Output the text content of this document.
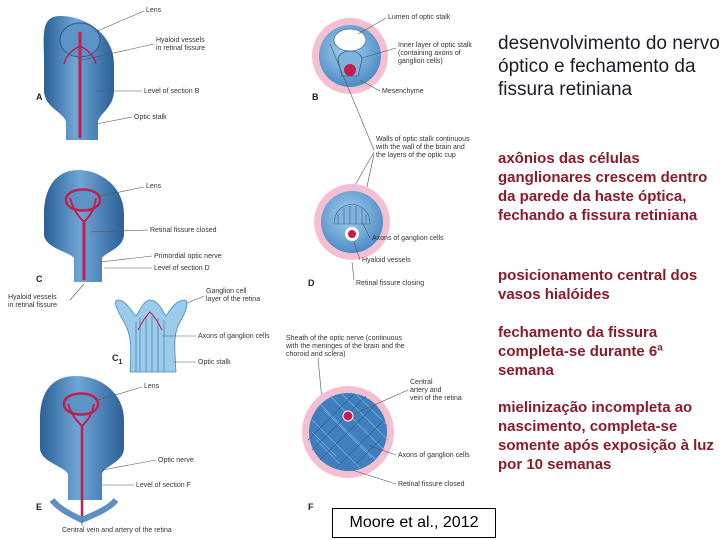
A
Lens
Hyaloid vessels
in retinal fissure
Level of section B
Optic stalk
B
Lumen of optic stalk
Inner layer of optic stalk
(containing axons of
ganglion cells)
Mesenchyme
C
Walls of optic stalk continuous
with the wall of the brain and
the layers of the optic cup
Lens
Retinal fissure closed
Primordial optic nerve
Level of section D
Hyaloid vessels
in retinal fissure
Ganglion cell
layer of the retina
D
Axons of ganglion cells
Hyaloid vessels
Retinal fissure closing
$C_1$
Axons of ganglion cells
Optic stalk
Sheath of the optic nerve (continuous
with the meninges of the brain and the
choroid and sclera)
E
Lens
Optic nerve
Level of section F
Central vein and artery of the retina
F
Central
artery and
vein of the retina
Axons of ganglion cells
Retinal fissure closed
desenvolvimento do nervo óptico e fechamento da fissura retiniana

axônios das células ganglionares crescem dentro da parede da haste óptica, fechando a fissura retiniana

posicionamento central dos vasos hialóides

fechamento da fissura completa-se durante 6ª semana

mielinização incompleta ao nascimento, completa-se somente após exposição à luz por 10 semanas

Moore et al., 2012
